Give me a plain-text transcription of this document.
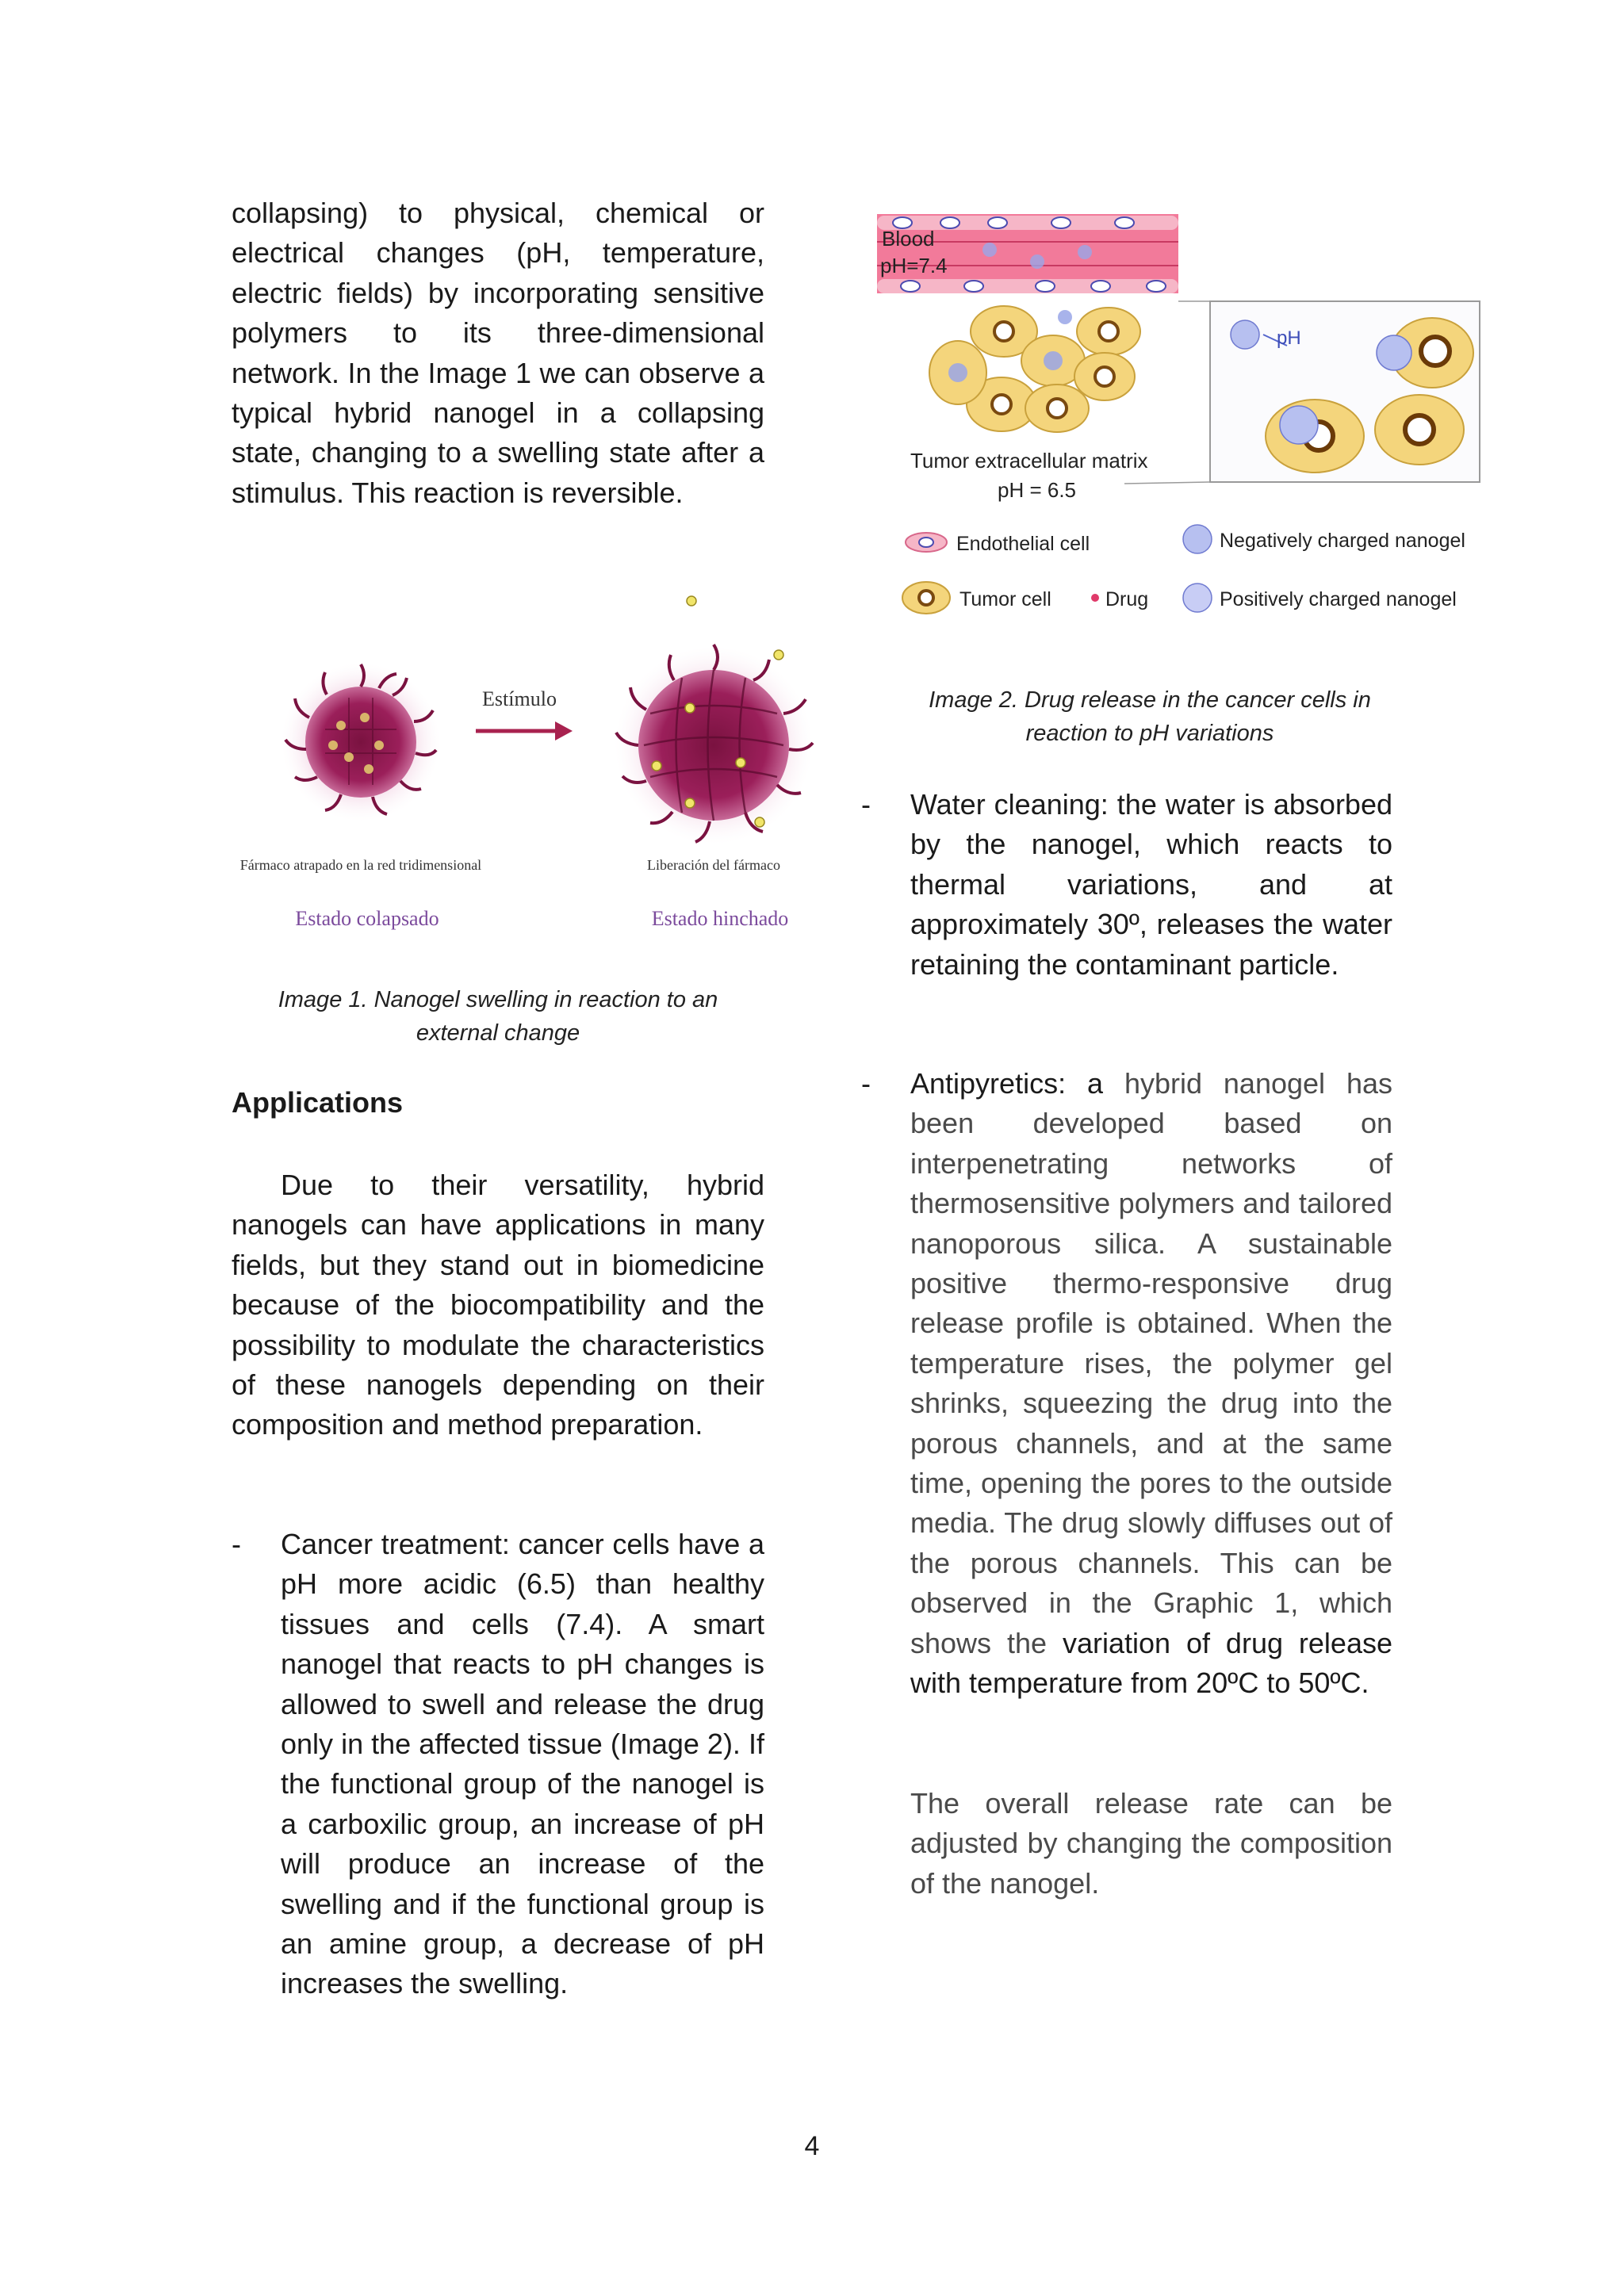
collapsing) to physical, chemical or electrical changes (pH, temperature, electric fields) by incorporating sensitive polymers to its three-dimensional network. In the Image 1 we can observe a typical hybrid nanogel in a collapsing state, changing to a swelling state after a stimulus. This reaction is reversible.
Estímulo
Fármaco atrapado en la red tridimensional	Liberación del fármaco
Estado colapsado	Estado hinchado
Image 1. Nanogel swelling in reaction to an
external change
Applications
Due to their versatility, hybrid nanogels can have applications in many fields, but they stand out in biomedicine because of the biocompatibility and the possibility to modulate the characteristics of these nanogels depending on their composition and method preparation.
- Cancer treatment: cancer cells have a pH more acidic (6.5) than healthy tissues and cells (7.4). A smart nanogel that reacts to pH changes is allowed to swell and release the drug only in the affected tissue (Image 2). If the functional group of the nanogel is a carboxilic group, an increase of pH will produce an increase of the swelling and if the functional group is an amine group, a decrease of pH increases the swelling.
Blood
pH=7.4
pH
Tumor extracellular matrix
pH = 6.5
Endothelial cell	Negatively charged nanogel
Tumor cell	Drug	Positively charged nanogel
Image 2. Drug release in the cancer cells in
reaction to pH variations
- Water cleaning: the water is absorbed by the nanogel, which reacts to thermal variations, and at approximately 30º, releases the water retaining the contaminant particle.
- Antipyretics: a hybrid nanogel has been developed based on interpenetrating networks of thermosensitive polymers and tailored nanoporous silica. A sustainable positive thermo-responsive drug release profile is obtained. When the temperature rises, the polymer gel shrinks, squeezing the drug into the porous channels, and at the same time, opening the pores to the outside media. The drug slowly diffuses out of the porous channels. This can be observed in the Graphic 1, which shows the variation of drug release with temperature from 20ºC to 50ºC.
The overall release rate can be adjusted by changing the composition of the nanogel.
4
